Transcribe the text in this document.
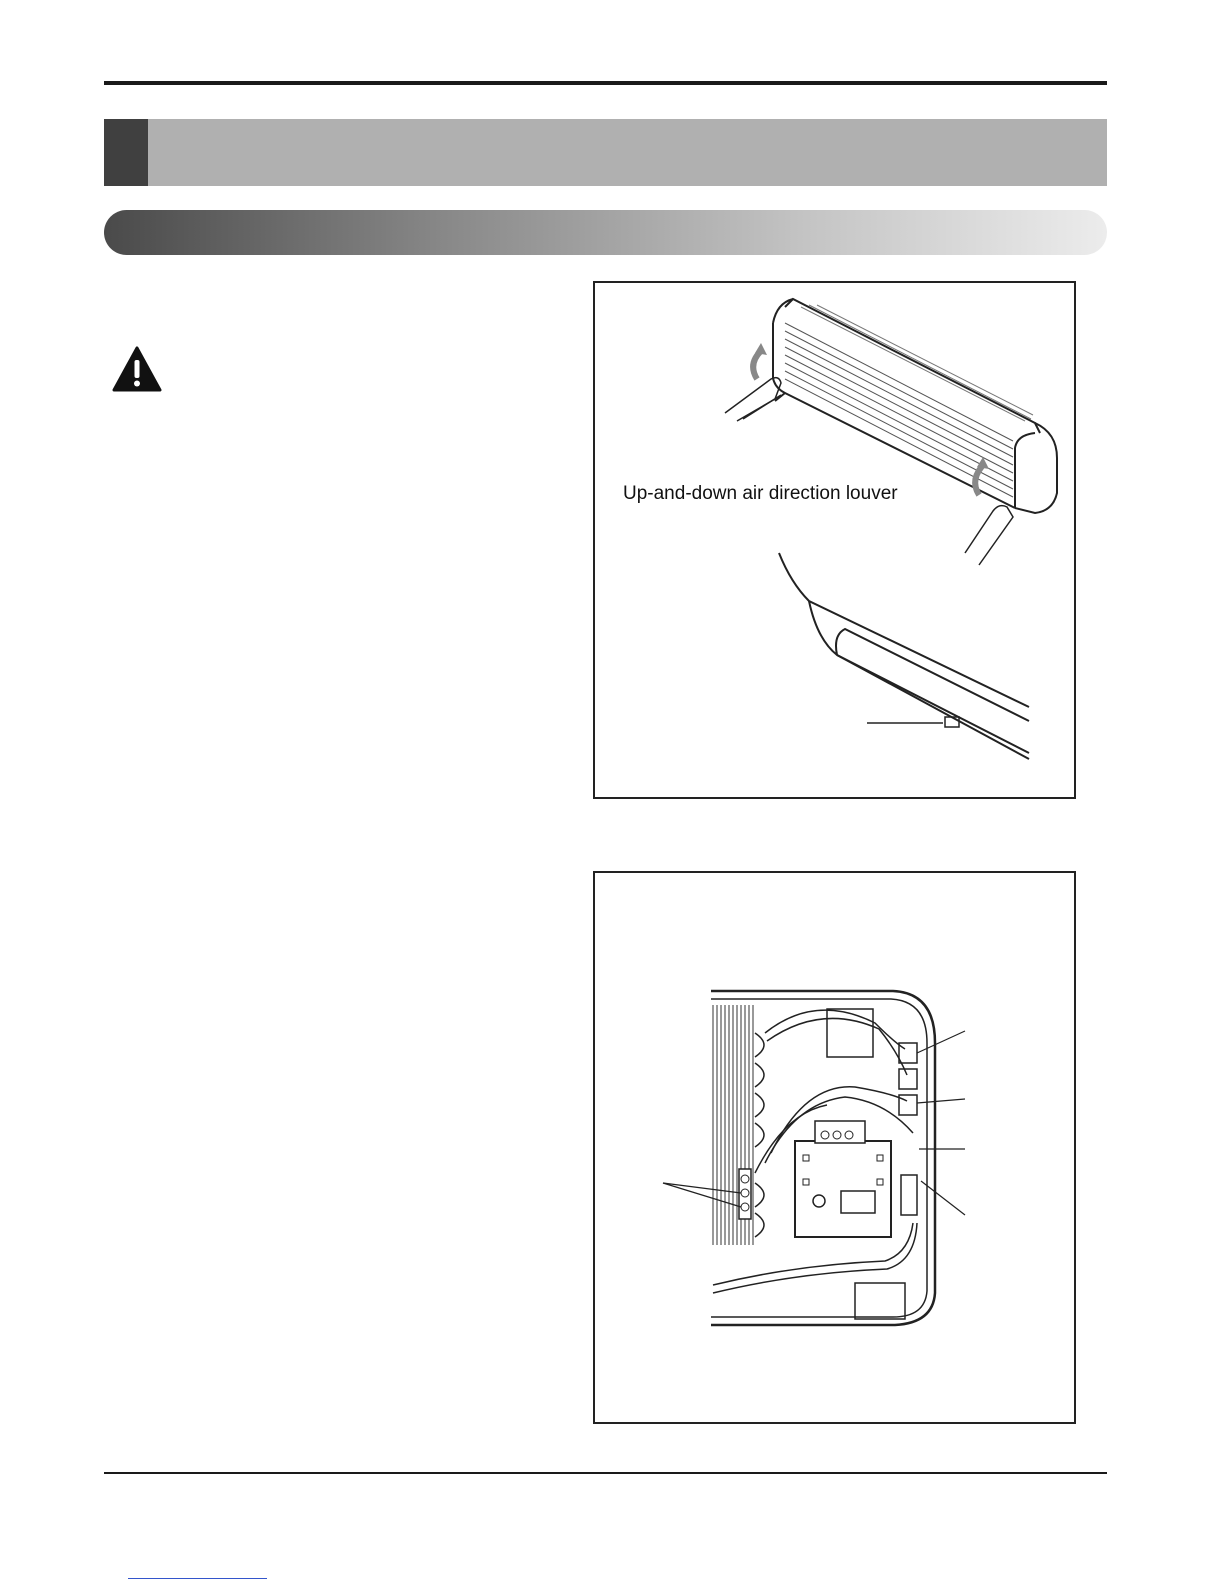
Up-and-down air direction louver
